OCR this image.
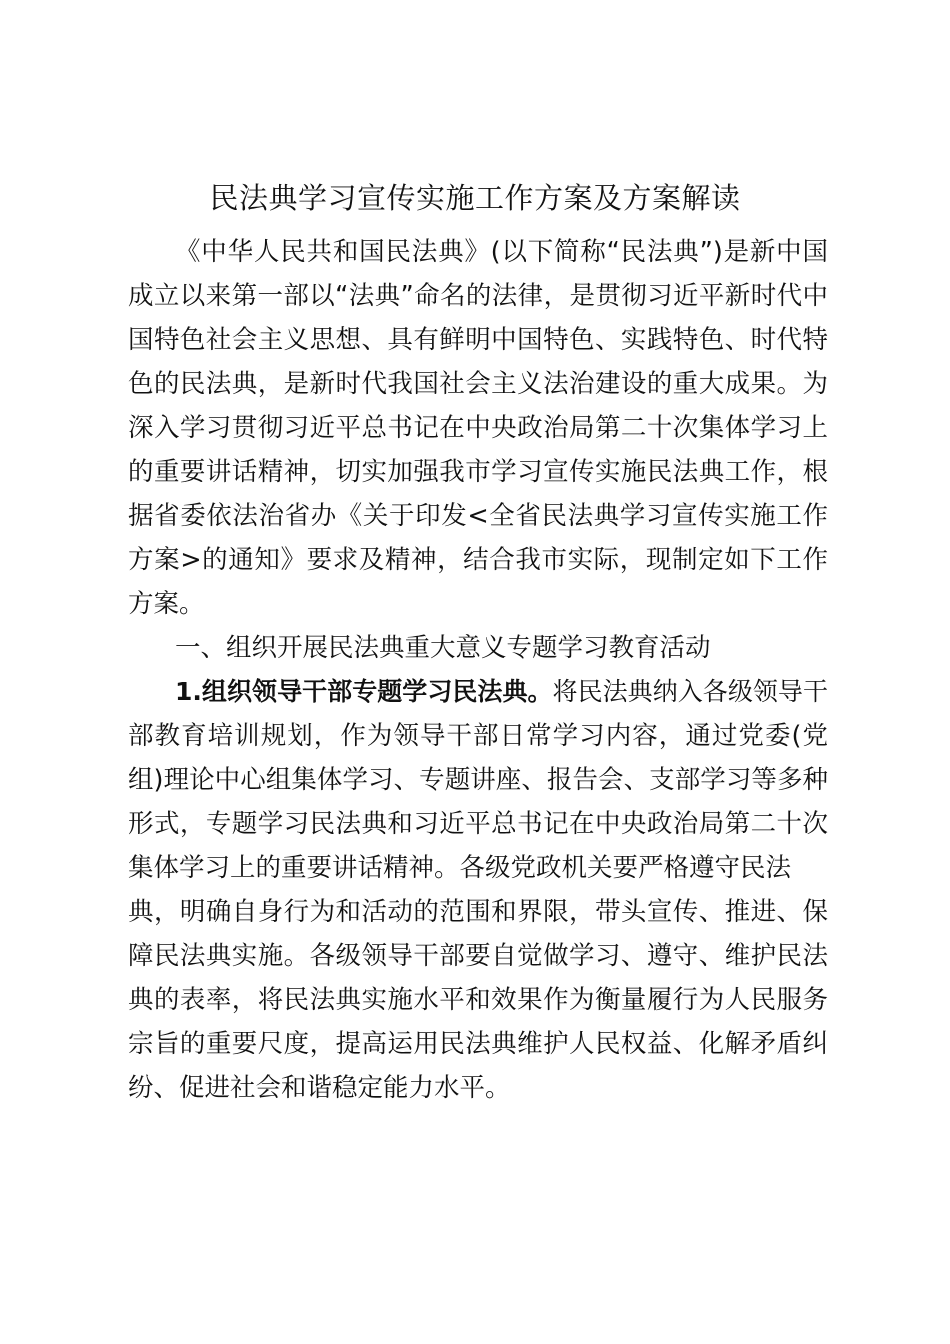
民法典学习宣传实施工作方案及方案解读

《中华人民共和国民法典》(以下简称“民法典”)是新中国

成立以来第一部以“法典”命名的法律，是贯彻习近平新时代中

国特色社会主义思想、具有鲜明中国特色、实践特色、时代特

色的民法典，是新时代我国社会主义法治建设的重大成果。为

深入学习贯彻习近平总书记在中央政治局第二十次集体学习上

的重要讲话精神，切实加强我市学习宣传实施民法典工作，根

据省委依法治省办《关于印发<全省民法典学习宣传实施工作

方案>的通知》要求及精神，结合我市实际，现制定如下工作

方案。

一、组织开展民法典重大意义专题学习教育活动

1.组织领导干部专题学习民法典。将民法典纳入各级领导干

部教育培训规划，作为领导干部日常学习内容，通过党委(党

组)理论中心组集体学习、专题讲座、报告会、支部学习等多种

形式，专题学习民法典和习近平总书记在中央政治局第二十次

集体学习上的重要讲话精神。各级党政机关要严格遵守民法

典，明确自身行为和活动的范围和界限，带头宣传、推进、保

障民法典实施。各级领导干部要自觉做学习、遵守、维护民法

典的表率，将民法典实施水平和效果作为衡量履行为人民服务

宗旨的重要尺度，提高运用民法典维护人民权益、化解矛盾纠

纷、促进社会和谐稳定能力水平。
